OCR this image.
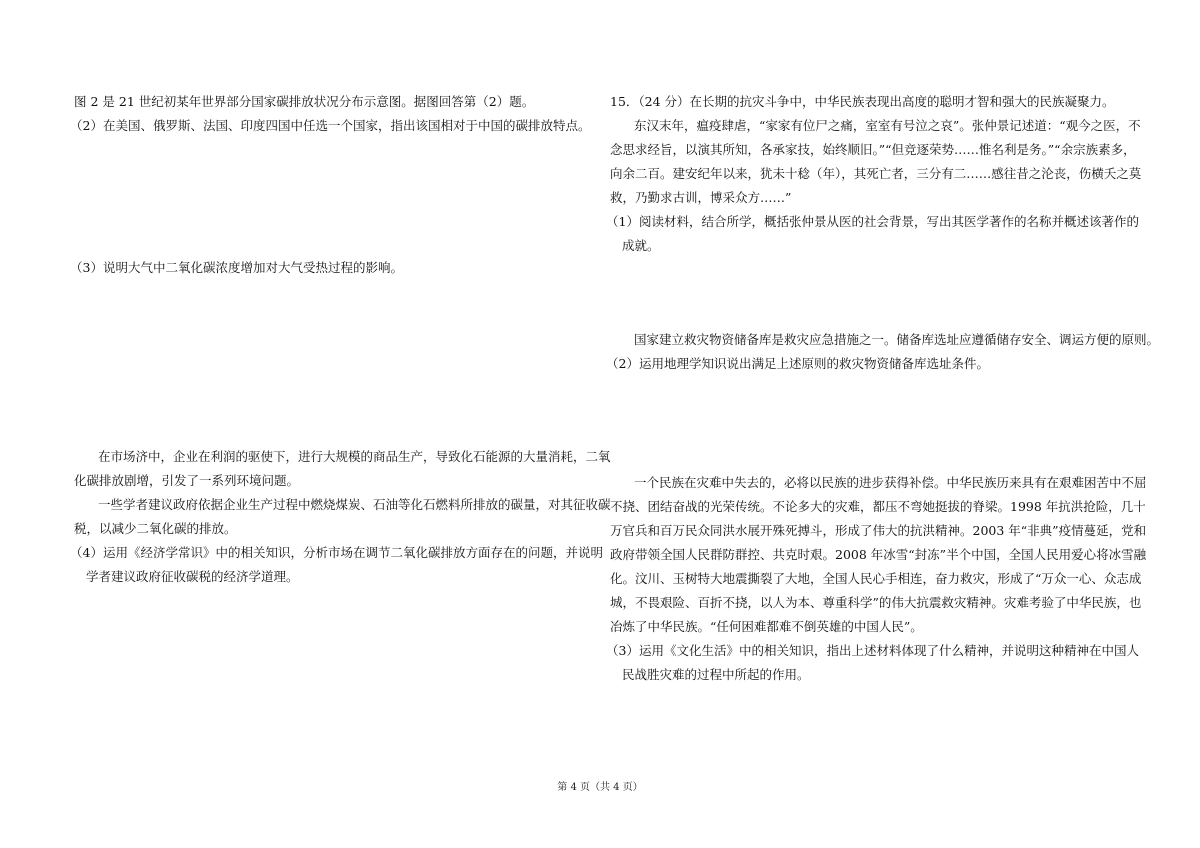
图 2 是 21 世纪初某年世界部分国家碳排放状况分布示意图。据图回答第（2）题。
（2）在美国、俄罗斯、法国、印度四国中任选一个国家，指出该国相对于中国的碳排放特点。
（3）说明大气中二氧化碳浓度增加对大气受热过程的影响。
在市场济中，企业在利润的驱使下，进行大规模的商品生产，导致化石能源的大量消耗，二氧
化碳排放剧增，引发了一系列环境问题。
一些学者建议政府依据企业生产过程中燃烧煤炭、石油等化石燃料所排放的碳量，对其征收碳
税，以减少二氧化碳的排放。
（4）运用《经济学常识》中的相关知识，分析市场在调节二氧化碳排放方面存在的问题，并说明
学者建议政府征收碳税的经济学道理。
15．（24 分）在长期的抗灾斗争中，中华民族表现出高度的聪明才智和强大的民族凝聚力。
东汉末年，瘟疫肆虐，“家家有位尸之痛，室室有号泣之哀”。张仲景记述道：“观今之医，不
念思求经旨，以演其所知，各承家技，始终顺旧。”“但竞逐荣势……惟名利是务。”“余宗族素多，
向余二百。建安纪年以来，犹未十稔（年），其死亡者，三分有二……感往昔之沦丧，伤横夭之莫
救，乃勤求古训，博采众方……”
（1）阅读材料，结合所学，概括张仲景从医的社会背景，写出其医学著作的名称并概述该著作的
成就。
国家建立救灾物资储备库是救灾应急措施之一。储备库选址应遵循储存安全、调运方便的原则。
（2）运用地理学知识说出满足上述原则的救灾物资储备库选址条件。
一个民族在灾难中失去的，必将以民族的进步获得补偿。中华民族历来具有在艰难困苦中不屈
不挠、团结奋战的光荣传统。不论多大的灾难，都压不弯她挺拔的脊梁。1998 年抗洪抢险，几十
万官兵和百万民众同洪水展开殊死搏斗，形成了伟大的抗洪精神。2003 年“非典”疫情蔓延，党和
政府带领全国人民群防群控、共克时艰。2008 年冰雪“封冻”半个中国，全国人民用爱心将冰雪融
化。汶川、玉树特大地震撕裂了大地，全国人民心手相连，奋力救灾，形成了“万众一心、众志成
城，不畏艰险、百折不挠，以人为本、尊重科学”的伟大抗震救灾精神。灾难考验了中华民族，也
冶炼了中华民族。“任何困难都难不倒英雄的中国人民”。
（3）运用《文化生活》中的相关知识，指出上述材料体现了什么精神，并说明这种精神在中国人
民战胜灾难的过程中所起的作用。
第 4 页（共 4 页）
